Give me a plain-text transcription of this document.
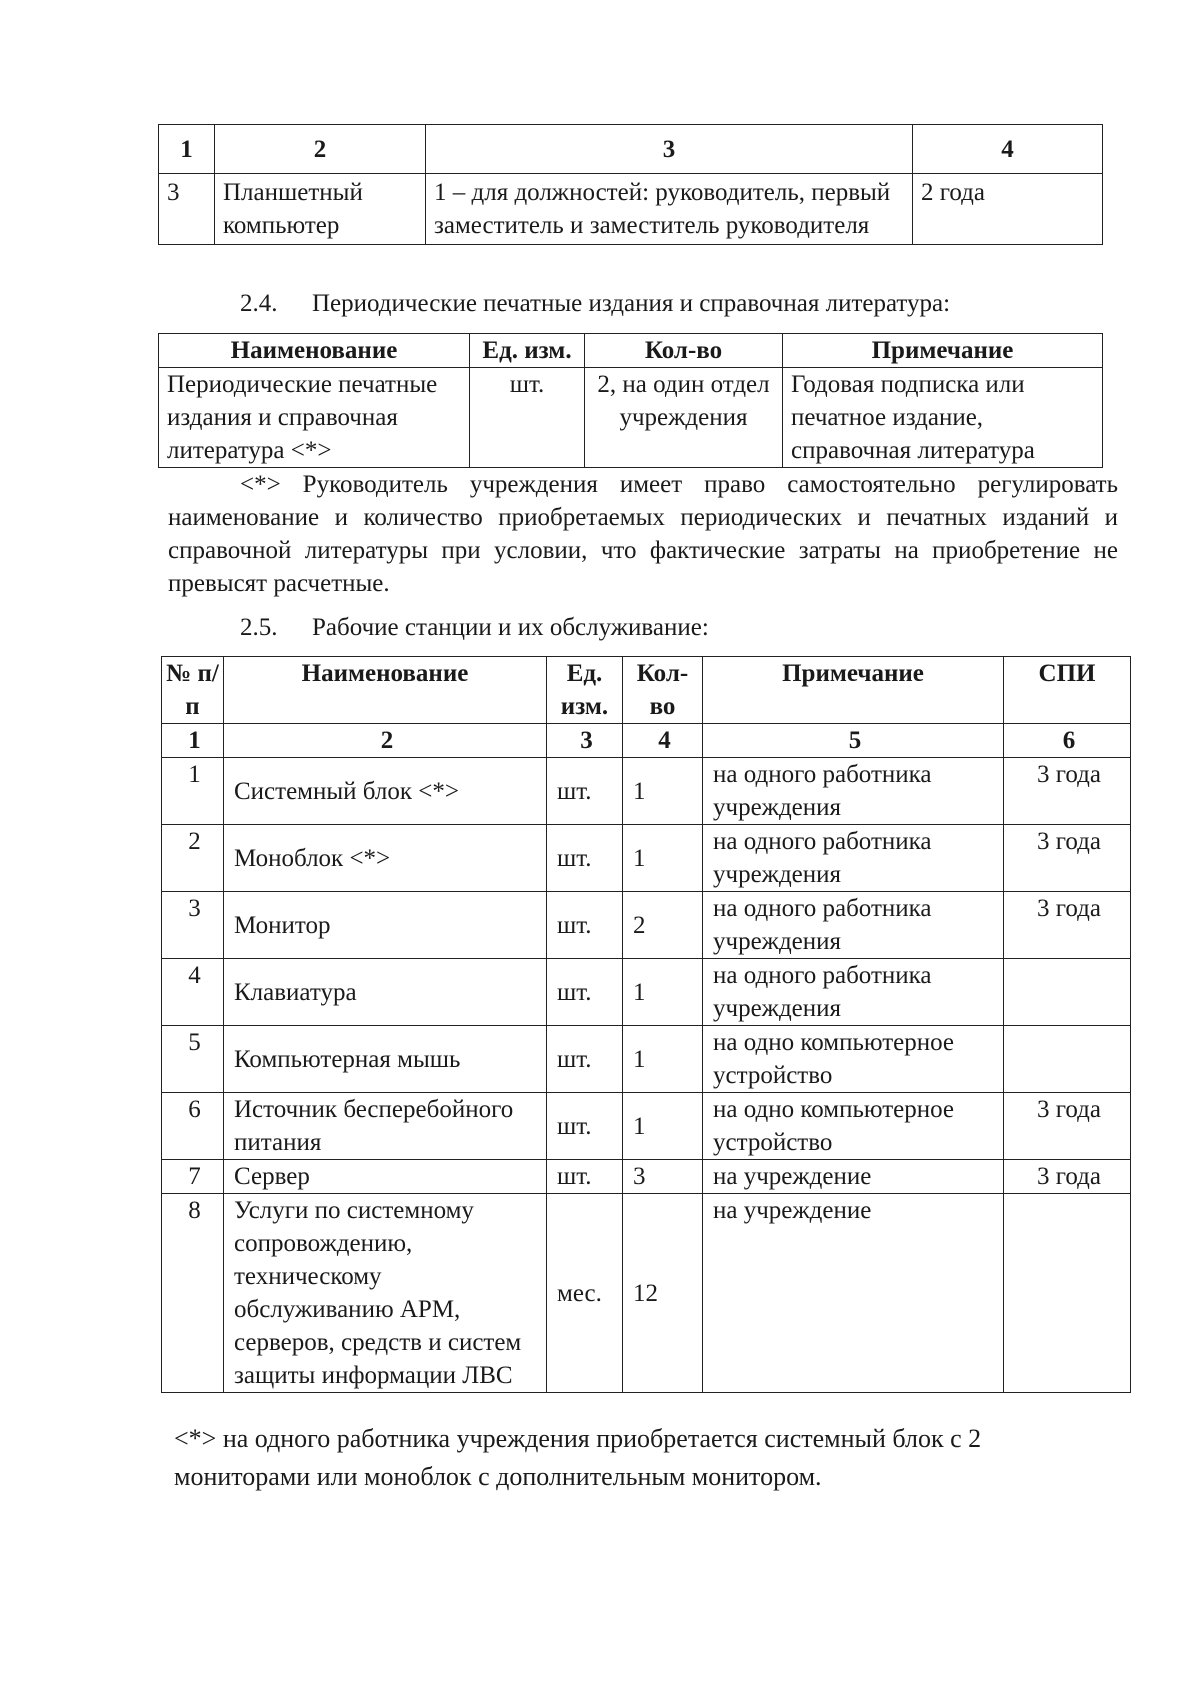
1	2	3	4
3	Планшетный компьютер	1 – для должностей: руководитель, первый заместитель и заместитель руководителя	2 года
2.4. Периодические печатные издания и справочная литература:
Наименование	Ед. изм.	Кол-во	Примечание
Периодические печатные издания и справочная литература <*>	шт.	2, на один отдел учреждения	Годовая подписка или печатное издание, справочная литература
<*> Руководитель учреждения имеет право самостоятельно регулировать наименование и количество приобретаемых периодических и печатных изданий и справочной литературы при условии, что фактические затраты на приобретение не превысят расчетные.
2.5. Рабочие станции и их обслуживание:
№ п/п	Наименование	Ед. изм.	Кол-во	Примечание	СПИ
1	2	3	4	5	6
1	Системный блок <*>	шт.	1	на одного работника учреждения	3 года
2	Моноблок <*>	шт.	1	на одного работника учреждения	3 года
3	Монитор	шт.	2	на одного работника учреждения	3 года
4	Клавиатура	шт.	1	на одного работника учреждения	
5	Компьютерная мышь	шт.	1	на одно компьютерное устройство	
6	Источник бесперебойного питания	шт.	1	на одно компьютерное устройство	3 года
7	Сервер	шт.	3	на учреждение	3 года
8	Услуги по системному сопровождению, техническому обслуживанию АРМ, серверов, средств и систем защиты информации ЛВС	мес.	12	на учреждение	
<*> на одного работника учреждения приобретается системный блок с 2 мониторами или моноблок с дополнительным монитором.
